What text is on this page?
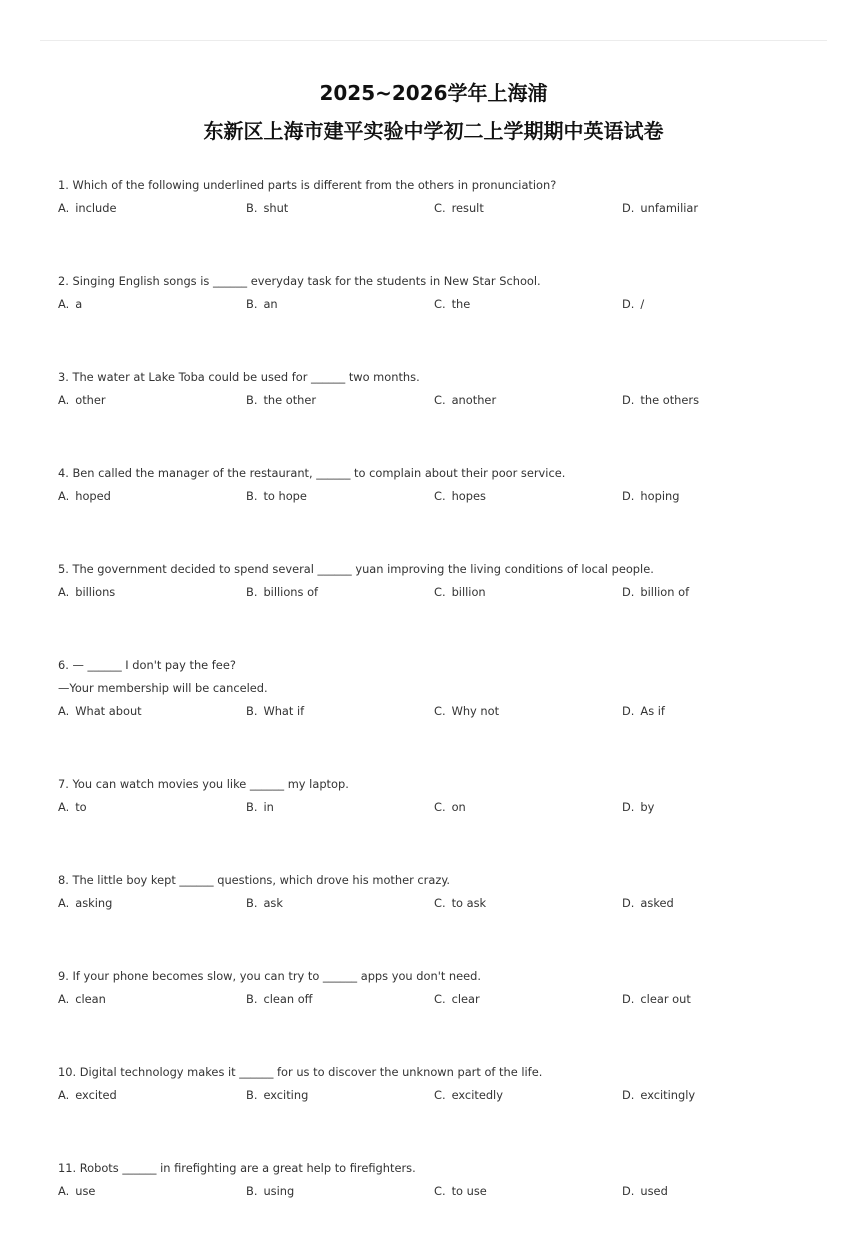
2025~2026学年上海浦
东新区上海市建平实验中学初二上学期期中英语试卷
1. Which of the following underlined parts is different from the others in pronunciation?
A. include	B. shut	C. result	D. unfamiliar
2. Singing English songs is ______ everyday task for the students in New Star School.
A. a	B. an	C. the	D. /
3. The water at Lake Toba could be used for ______ two months.
A. other	B. the other	C. another	D. the others
4. Ben called the manager of the restaurant, ______ to complain about their poor service.
A. hoped	B. to hope	C. hopes	D. hoping
5. The government decided to spend several ______ yuan improving the living conditions of local people.
A. billions	B. billions of	C. billion	D. billion of
6. — ______ I don't pay the fee?
—Your membership will be canceled.
A. What about	B. What if	C. Why not	D. As if
7. You can watch movies you like ______ my laptop.
A. to	B. in	C. on	D. by
8. The little boy kept ______ questions, which drove his mother crazy.
A. asking	B. ask	C. to ask	D. asked
9. If your phone becomes slow, you can try to ______ apps you don't need.
A. clean	B. clean off	C. clear	D. clear out
10. Digital technology makes it ______ for us to discover the unknown part of the life.
A. excited	B. exciting	C. excitedly	D. excitingly
11. Robots ______ in firefighting are a great help to firefighters.
A. use	B. using	C. to use	D. used
